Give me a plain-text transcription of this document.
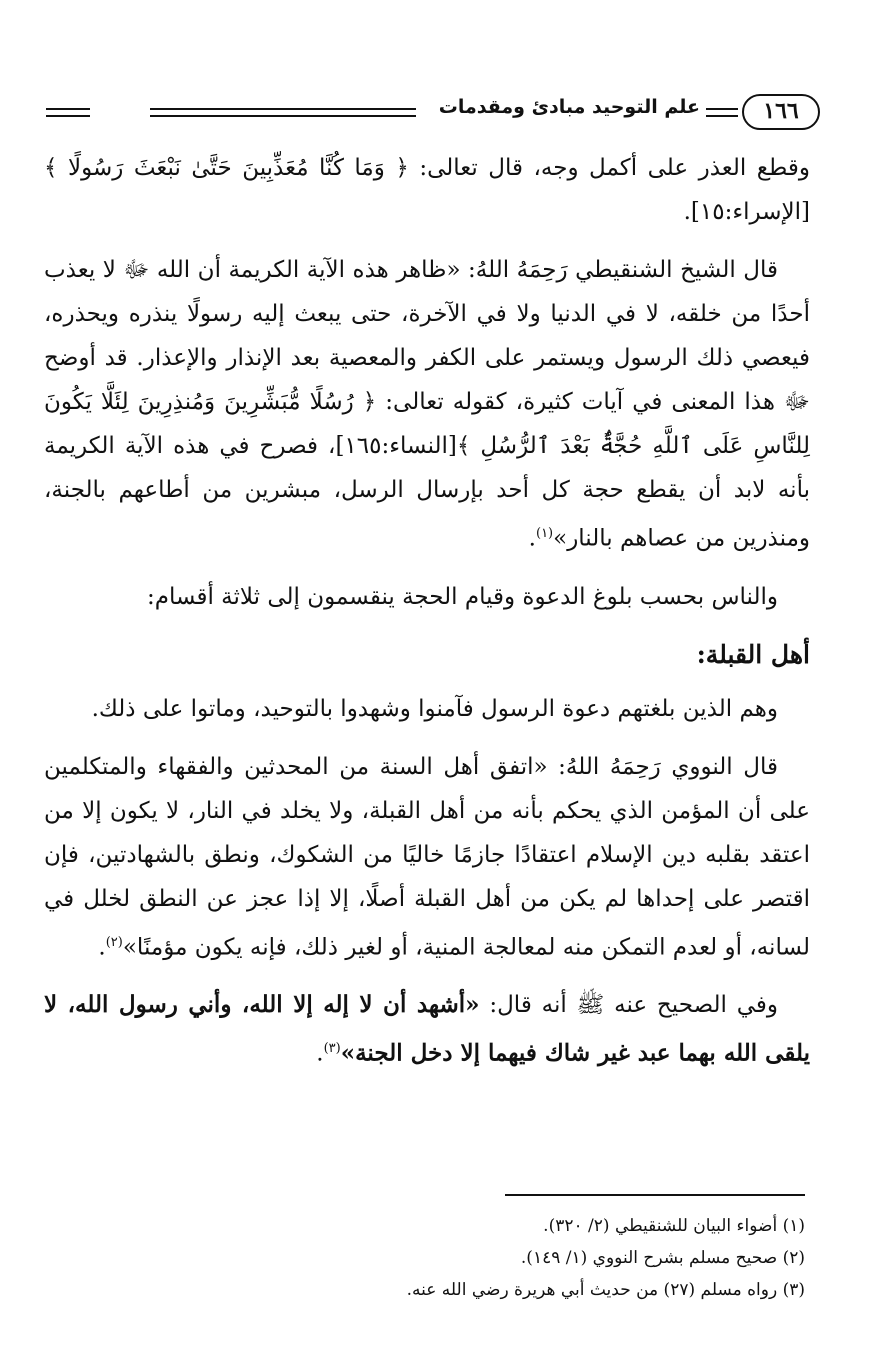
١٦٦
علم التوحيد مبادئ ومقدمات

وقطع العذر على أكمل وجه، قال تعالى: ﴿ وَمَا كُنَّا مُعَذِّبِينَ حَتَّىٰ نَبْعَثَ رَسُولًا ﴾[الإسراء:١٥].

قال الشيخ الشنقيطي رَحِمَهُ اللهُ: «ظاهر هذه الآية الكريمة أن الله ﷻ لا يعذب أحدًا من خلقه، لا في الدنيا ولا في الآخرة، حتى يبعث إليه رسولًا ينذره ويحذره، فيعصي ذلك الرسول ويستمر على الكفر والمعصية بعد الإنذار والإعذار. قد أوضح ﷻ هذا المعنى في آيات كثيرة، كقوله تعالى: ﴿ رُسُلًا مُّبَشِّرِينَ وَمُنذِرِينَ لِئَلَّا يَكُونَ لِلنَّاسِ عَلَى ٱللَّهِ حُجَّةٌۢ بَعْدَ ٱلرُّسُلِ ﴾[النساء:١٦٥]، فصرح في هذه الآية الكريمة بأنه لابد أن يقطع حجة كل أحد بإرسال الرسل، مبشرين من أطاعهم بالجنة، ومنذرين من عصاهم بالنار»$^{(١)}$.

والناس بحسب بلوغ الدعوة وقيام الحجة ينقسمون إلى ثلاثة أقسام:

أهل القبلة:

وهم الذين بلغتهم دعوة الرسول فآمنوا وشهدوا بالتوحيد، وماتوا على ذلك.

قال النووي رَحِمَهُ اللهُ: «اتفق أهل السنة من المحدثين والفقهاء والمتكلمين على أن المؤمن الذي يحكم بأنه من أهل القبلة، ولا يخلد في النار، لا يكون إلا من اعتقد بقلبه دين الإسلام اعتقادًا جازمًا خاليًا من الشكوك، ونطق بالشهادتين، فإن اقتصر على إحداها لم يكن من أهل القبلة أصلًا، إلا إذا عجز عن النطق لخلل في لسانه، أو لعدم التمكن منه لمعالجة المنية، أو لغير ذلك، فإنه يكون مؤمنًا»$^{(٢)}$.

وفي الصحيح عنه ﷺ أنه قال: «أشهد أن لا إله إلا الله، وأني رسول الله، لا يلقى الله بهما عبد غير شاك فيهما إلا دخل الجنة»$^{(٣)}$.

(١) أضواء البيان للشنقيطي (٢/ ٣٢٠).
(٢) صحيح مسلم بشرح النووي (١/ ١٤٩).
(٣) رواه مسلم (٢٧) من حديث أبي هريرة رضي الله عنه.
